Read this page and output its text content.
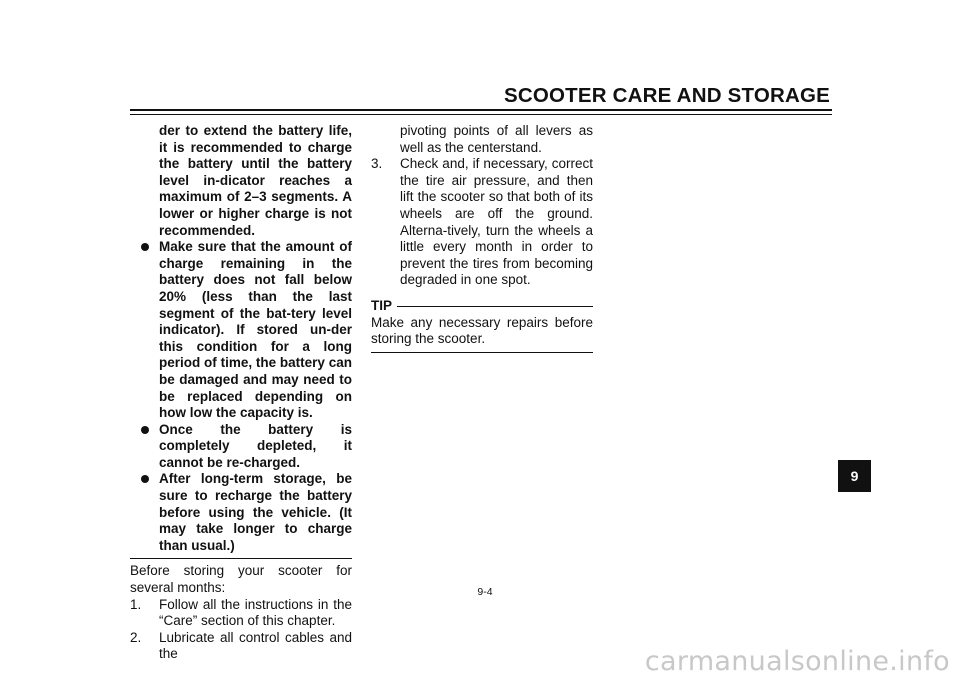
SCOOTER CARE AND STORAGE
der to extend the battery life, it is recommended to charge the battery until the battery level in-dicator reaches a maximum of 2–3 segments. A lower or higher charge is not recommended.
Make sure that the amount of charge remaining in the battery does not fall below 20% (less than the last segment of the bat-tery level indicator). If stored un-der this condition for a long period of time, the battery can be damaged and may need to be replaced depending on how low the capacity is.
Once the battery is completely depleted, it cannot be re-charged.
After long-term storage, be sure to recharge the battery before using the vehicle. (It may take longer to charge than usual.)
Before storing your scooter for several months:
1.	Follow all the instructions in the “Care” section of this chapter.
2.	Lubricate all control cables and the
pivoting points of all levers as well as the centerstand.
3.	Check and, if necessary, correct the tire air pressure, and then lift the scooter so that both of its wheels are off the ground. Alterna-tively, turn the wheels a little every month in order to prevent the tires from becoming degraded in one spot.
TIP
Make any necessary repairs before storing the scooter.
9-4
9
carmanualsonline.info
